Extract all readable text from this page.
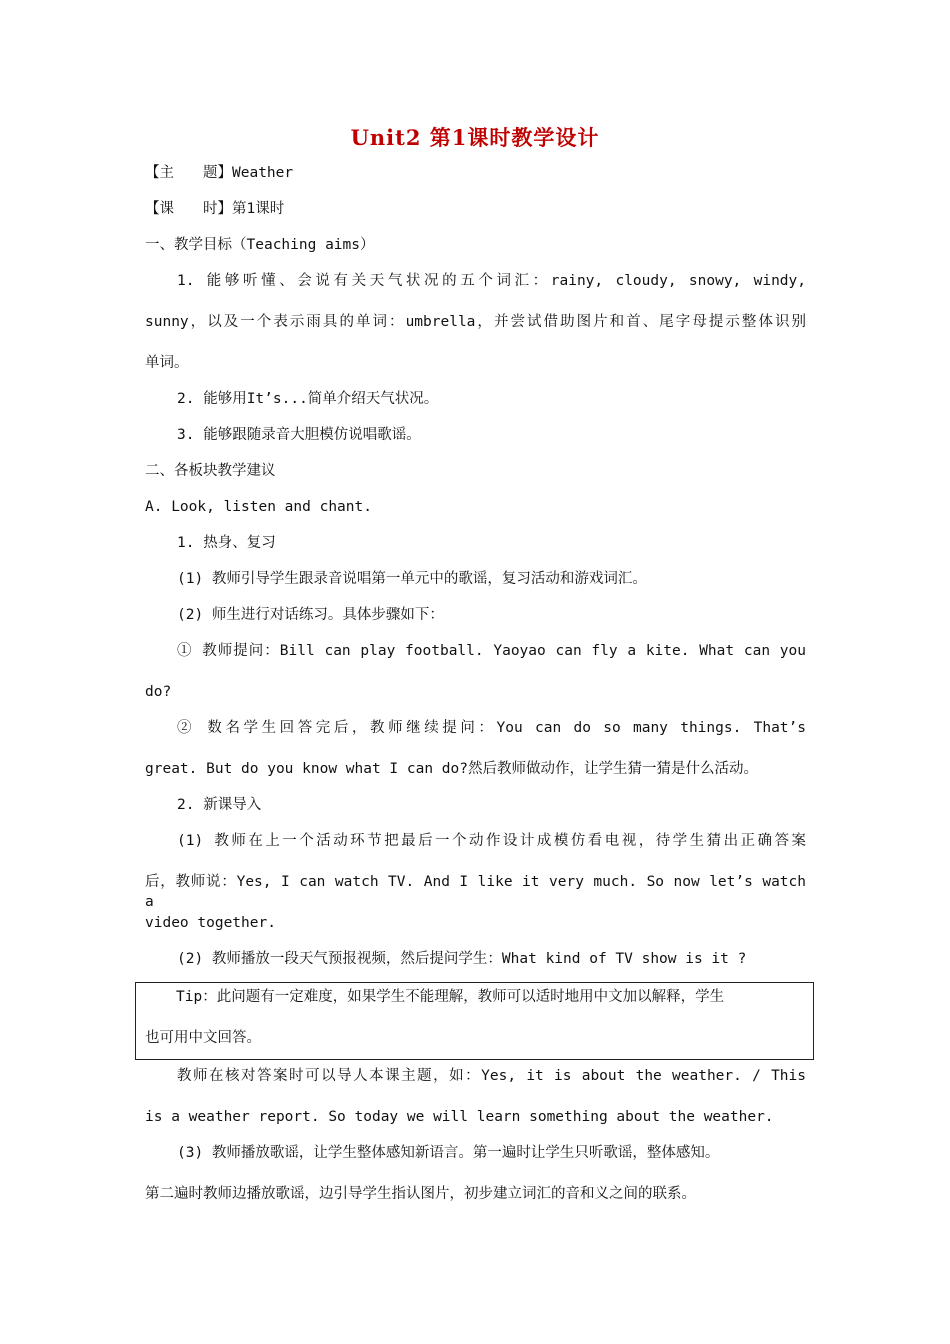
Unit2 第1课时教学设计
【主　　题】Weather
【课　　时】第1课时
一、教学目标（Teaching aims）
1. 能够听懂、会说有关天气状况的五个词汇：rainy, cloudy, snowy, windy,
sunny，以及一个表示雨具的单词：umbrella，并尝试借助图片和首、尾字母提示整体识别
单词。
2. 能够用It’s...简单介绍天气状况。
3. 能够跟随录音大胆模仿说唱歌谣。
二、各板块教学建议
A. Look, listen and chant.
1. 热身、复习
(1) 教师引导学生跟录音说唱第一单元中的歌谣，复习活动和游戏词汇。
(2) 师生进行对话练习。具体步骤如下：
① 教师提问：Bill can play football. Yaoyao can fly a kite. What can you
do?
② 数名学生回答完后，教师继续提问：You can do so many things. That’s
great. But do you know what I can do?然后教师做动作，让学生猜一猜是什么活动。
2. 新课导入
(1) 教师在上一个活动环节把最后一个动作设计成模仿看电视，待学生猜出正确答案
后，教师说：Yes, I can watch TV. And I like it very much. So now let’s watch a
video together.
(2) 教师播放一段天气预报视频，然后提问学生：What kind of TV show is it ?
Tip：此问题有一定难度，如果学生不能理解，教师可以适时地用中文加以解释，学生
也可用中文回答。
教师在核对答案时可以导人本课主题，如：Yes, it is about the weather. / This
is a weather report. So today we will learn something about the weather.
(3) 教师播放歌谣，让学生整体感知新语言。第一遍时让学生只听歌谣，整体感知。
第二遍时教师边播放歌谣，边引导学生指认图片，初步建立词汇的音和义之间的联系。
